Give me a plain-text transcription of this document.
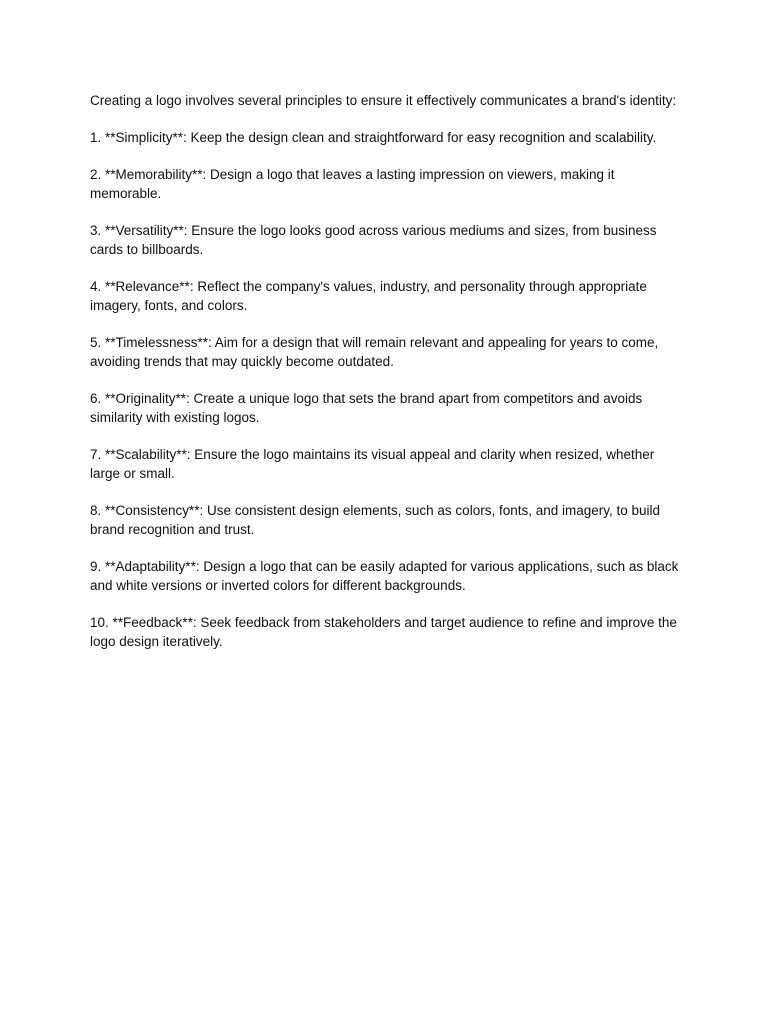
Creating a logo involves several principles to ensure it effectively communicates a brand's identity:

1. **Simplicity**: Keep the design clean and straightforward for easy recognition and scalability.

2. **Memorability**: Design a logo that leaves a lasting impression on viewers, making it memorable.

3. **Versatility**: Ensure the logo looks good across various mediums and sizes, from business cards to billboards.

4. **Relevance**: Reflect the company's values, industry, and personality through appropriate imagery, fonts, and colors.

5. **Timelessness**: Aim for a design that will remain relevant and appealing for years to come, avoiding trends that may quickly become outdated.

6. **Originality**: Create a unique logo that sets the brand apart from competitors and avoids similarity with existing logos.

7. **Scalability**: Ensure the logo maintains its visual appeal and clarity when resized, whether large or small.

8. **Consistency**: Use consistent design elements, such as colors, fonts, and imagery, to build brand recognition and trust.

9. **Adaptability**: Design a logo that can be easily adapted for various applications, such as black and white versions or inverted colors for different backgrounds.

10. **Feedback**: Seek feedback from stakeholders and target audience to refine and improve the logo design iteratively.
